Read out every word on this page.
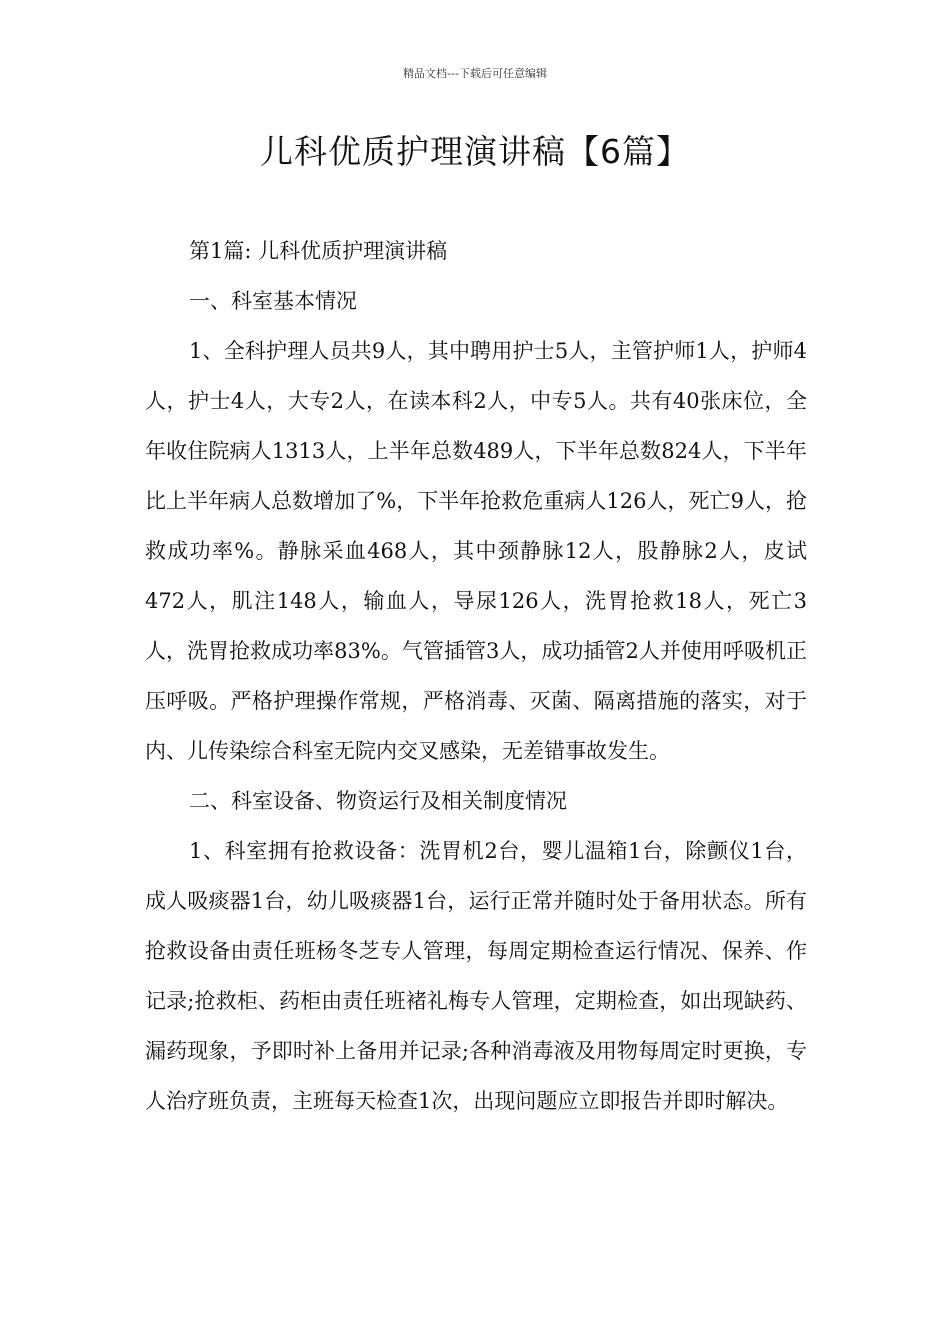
精品文档---下载后可任意编辑
儿科优质护理演讲稿【6篇】

第1篇: 儿科优质护理演讲稿

一、科室基本情况

1、全科护理人员共9人，其中聘用护士5人，主管护师1人，护师4人，护士4人，大专2人，在读本科2人，中专5人。共有40张床位，全年收住院病人1313人，上半年总数489人，下半年总数824人，下半年比上半年病人总数增加了%，下半年抢救危重病人126人，死亡9人，抢救成功率%。静脉采血468人，其中颈静脉12人，股静脉2人，皮试472人，肌注148人，输血人，导尿126人，洗胃抢救18人，死亡3人，洗胃抢救成功率83%。气管插管3人，成功插管2人并使用呼吸机正压呼吸。严格护理操作常规，严格消毒、灭菌、隔离措施的落实，对于内、儿传染综合科室无院内交叉感染，无差错事故发生。

二、科室设备、物资运行及相关制度情况

1、科室拥有抢救设备：洗胃机2台，婴儿温箱1台，除颤仪1台，成人吸痰器1台，幼儿吸痰器1台，运行正常并随时处于备用状态。所有抢救设备由责任班杨冬芝专人管理，每周定期检查运行情况、保养、作记录;抢救柜、药柜由责任班褚礼梅专人管理，定期检查，如出现缺药、漏药现象，予即时补上备用并记录;各种消毒液及用物每周定时更换，专人治疗班负责，主班每天检查1次，出现问题应立即报告并即时解决。
